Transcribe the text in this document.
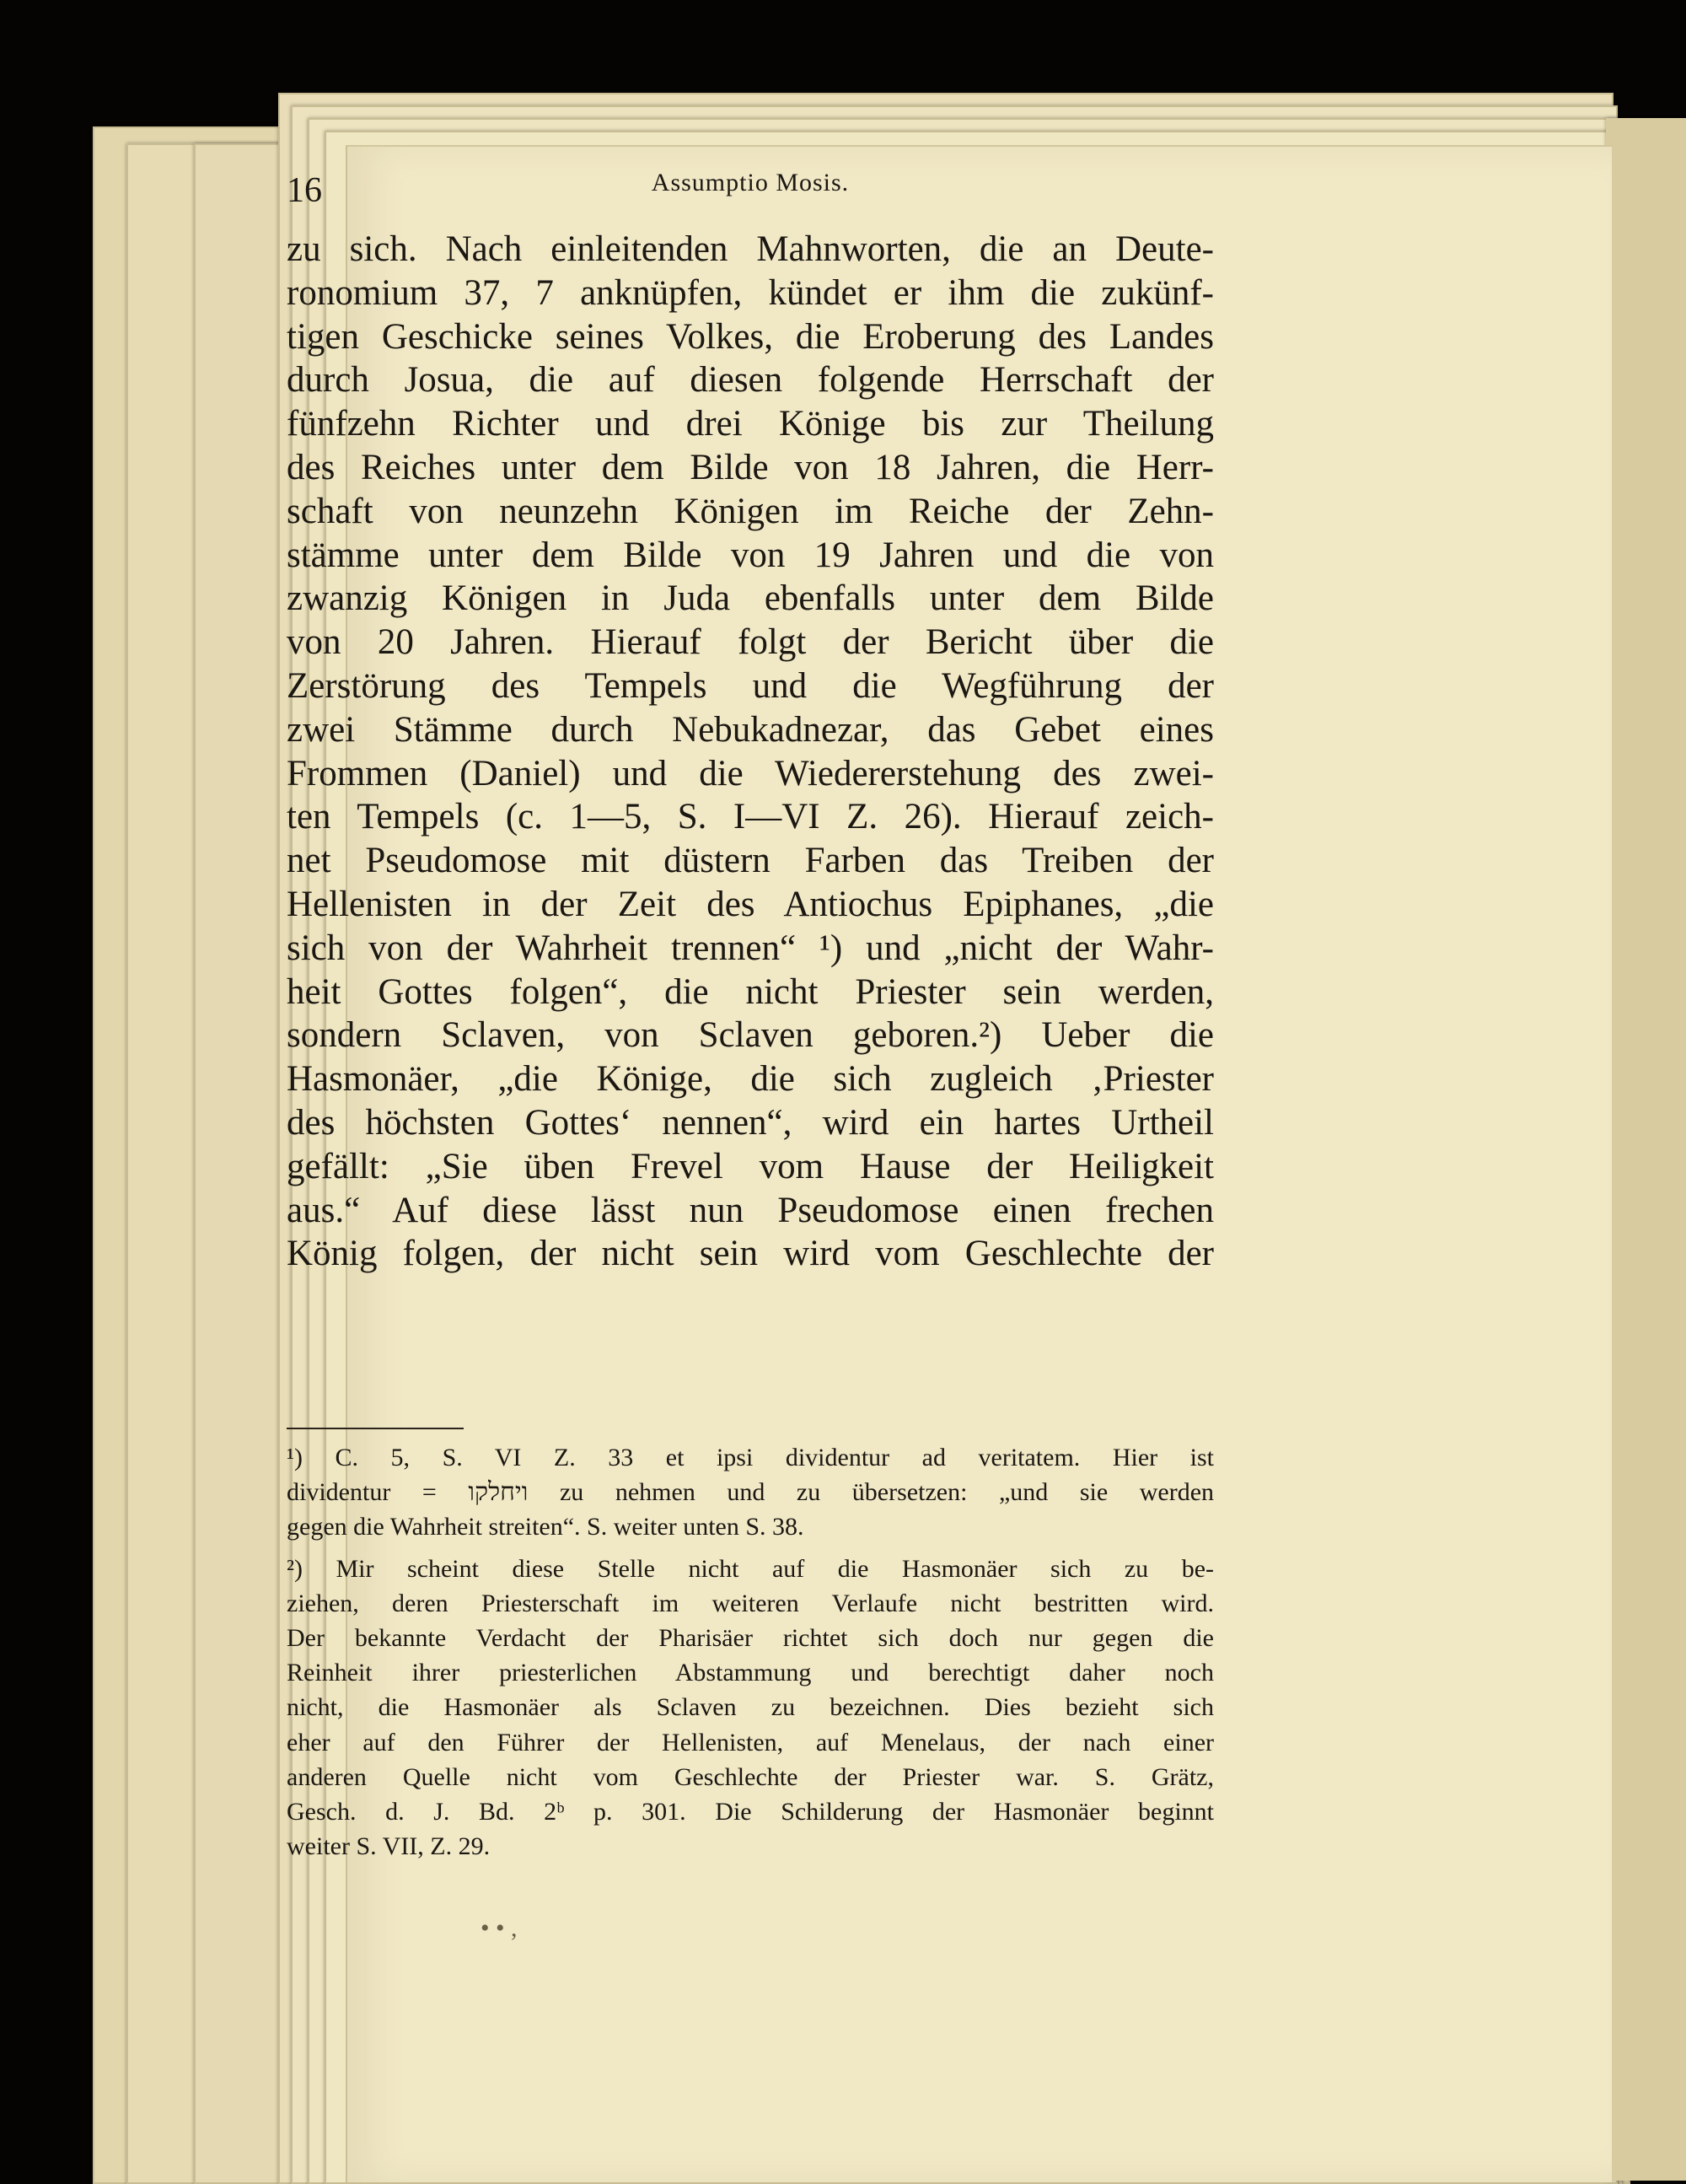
16	Assumptio Mosis.
zu sich. Nach einleitenden Mahnworten, die an Deute-
ronomium 37, 7 anknüpfen, kündet er ihm die zukünf-
tigen Geschicke seines Volkes, die Eroberung des Landes
durch Josua, die auf diesen folgende Herrschaft der
fünfzehn Richter und drei Könige bis zur Theilung
des Reiches unter dem Bilde von 18 Jahren, die Herr-
schaft von neunzehn Königen im Reiche der Zehn-
stämme unter dem Bilde von 19 Jahren und die von
zwanzig Königen in Juda ebenfalls unter dem Bilde
von 20 Jahren. Hierauf folgt der Bericht über die
Zerstörung des Tempels und die Wegführung der
zwei Stämme durch Nebukadnezar, das Gebet eines
Frommen (Daniel) und die Wiedererstehung des zwei-
ten Tempels (c. 1—5, S. I—VI Z. 26). Hierauf zeich-
net Pseudomose mit düstern Farben das Treiben der
Hellenisten in der Zeit des Antiochus Epiphanes, „die
sich von der Wahrheit trennen“ ¹) und „nicht der Wahr-
heit Gottes folgen“, die nicht Priester sein werden,
sondern Sclaven, von Sclaven geboren.²) Ueber die
Hasmonäer, „die Könige, die sich zugleich ‚Priester
des höchsten Gottes‘ nennen“, wird ein hartes Urtheil
gefällt: „Sie üben Frevel vom Hause der Heiligkeit
aus.“ Auf diese lässt nun Pseudomose einen frechen
König folgen, der nicht sein wird vom Geschlechte der
¹) C. 5, S. VI Z. 33 et ipsi dividentur ad veritatem. Hier ist
dividentur = ויחלקו zu nehmen und zu übersetzen: „und sie werden
gegen die Wahrheit streiten“. S. weiter unten S. 38.
²) Mir scheint diese Stelle nicht auf die Hasmonäer sich zu be-
ziehen, deren Priesterschaft im weiteren Verlaufe nicht bestritten wird.
Der bekannte Verdacht der Pharisäer richtet sich doch nur gegen die
Reinheit ihrer priesterlichen Abstammung und berechtigt daher noch
nicht, die Hasmonäer als Sclaven zu bezeichnen. Dies bezieht sich
eher auf den Führer der Hellenisten, auf Menelaus, der nach einer
anderen Quelle nicht vom Geschlechte der Priester war. S. Grätz,
Gesch. d. J. Bd. 2ᵇ p. 301. Die Schilderung der Hasmonäer beginnt
weiter S. VII, Z. 29.
• • ,
